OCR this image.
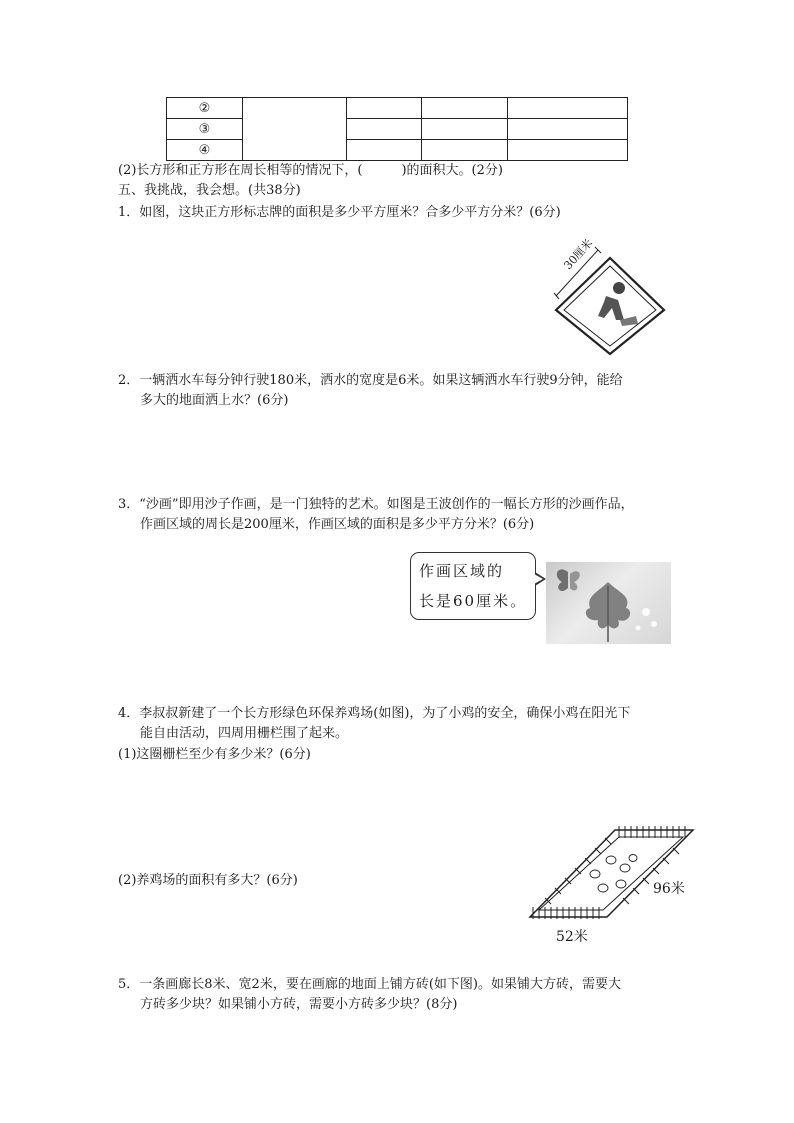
②				
③				
④				
(2)长方形和正方形在周长相等的情况下，(　　　)的面积大。(2分)
五、我挑战，我会想。(共38分)
1．如图，这块正方形标志牌的面积是多少平方厘米？合多少平方分米？(6分)
30厘米
2．一辆洒水车每分钟行驶180米，洒水的宽度是6米。如果这辆洒水车行驶9分钟，能给
多大的地面洒上水？(6分)
3．“沙画”即用沙子作画，是一门独特的艺术。如图是王波创作的一幅长方形的沙画作品，
作画区域的周长是200厘米，作画区域的面积是多少平方分米？(6分)
作画区域的
长是60厘米。
4．李叔叔新建了一个长方形绿色环保养鸡场(如图)，为了小鸡的安全，确保小鸡在阳光下
能自由活动，四周用栅栏围了起来。
(1)这圈栅栏至少有多少米？(6分)
(2)养鸡场的面积有多大？(6分)
96米
52米
5．一条画廊长8米、宽2米，要在画廊的地面上铺方砖(如下图)。如果铺大方砖，需要大
方砖多少块？如果铺小方砖，需要小方砖多少块？(8分)
